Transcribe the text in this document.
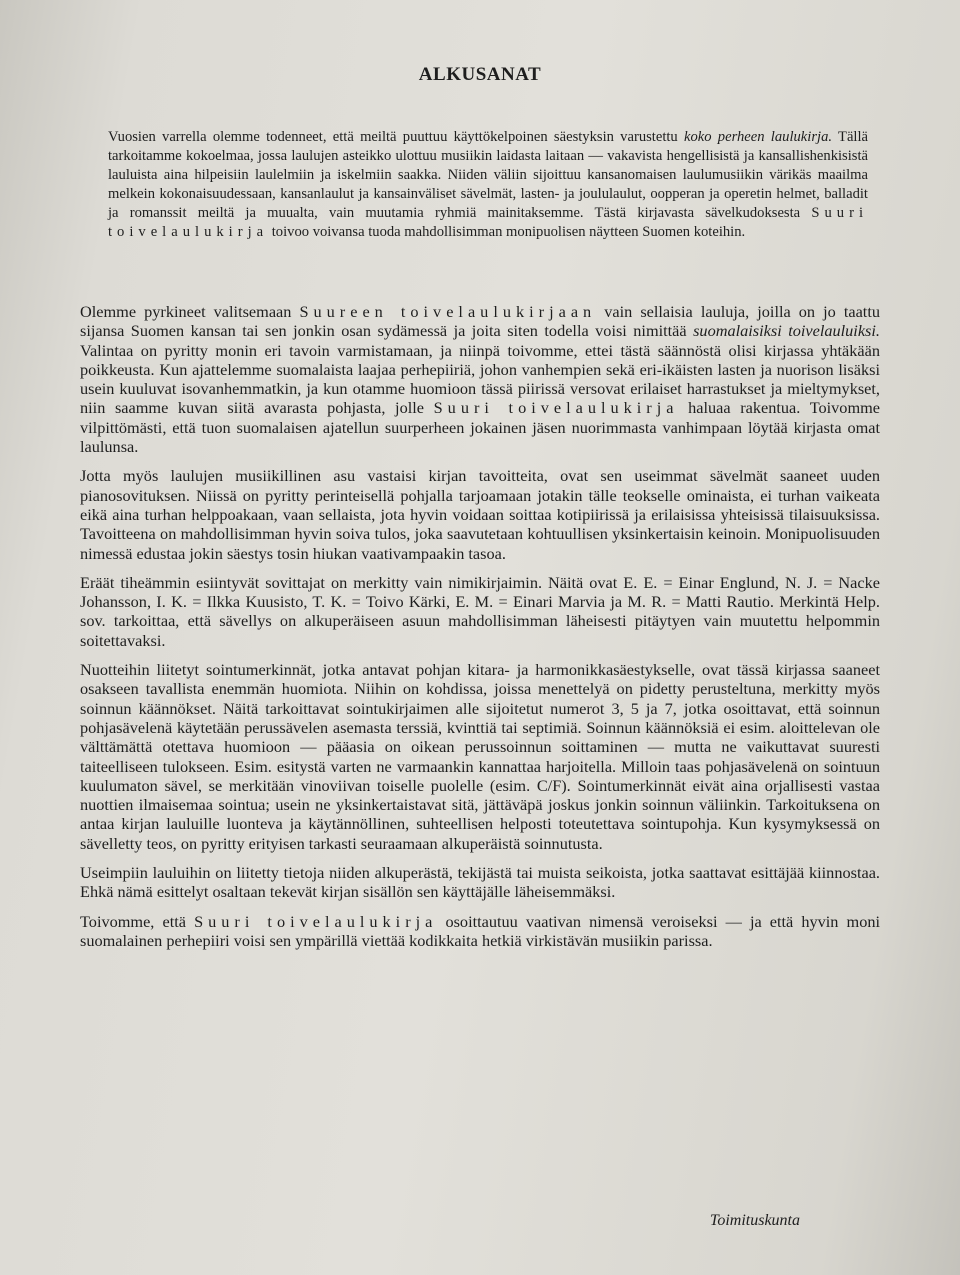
ALKUSANAT

Vuosien varrella olemme todenneet, että meiltä puuttuu käyttökelpoinen säestyksin varustettu koko perheen laulukirja. Tällä tarkoitamme kokoelmaa, jossa laulujen asteikko ulottuu musiikin laidasta laitaan — vakavista hengellisistä ja kansallishenkisistä lauluista aina hilpeisiin laulelmiin ja iskelmiin saakka. Niiden väliin sijoittuu kansanomaisen laulumusiikin värikäs maailma melkein kokonaisuudessaan, kansanlaulut ja kansainväliset sävelmät, lasten- ja joululaulut, oopperan ja operetin helmet, balladit ja romanssit meiltä ja muualta, vain muutamia ryhmiä mainitaksemme. Tästä kirjavasta sävelkudoksesta Suuri toivelaulukirja toivoo voivansa tuoda mahdollisimman monipuolisen näytteen Suomen koteihin.

Olemme pyrkineet valitsemaan Suureen toivelaulukirjaan vain sellaisia lauluja, joilla on jo taattu sijansa Suomen kansan tai sen jonkin osan sydämessä ja joita siten todella voisi nimittää suomalaisiksi toivelauluiksi. Valintaa on pyritty monin eri tavoin varmistamaan, ja niinpä toivomme, ettei tästä säännöstä olisi kirjassa yhtäkään poikkeusta. Kun ajattelemme suomalaista laajaa perhepiiriä, johon vanhempien sekä eri-ikäisten lasten ja nuorison lisäksi usein kuuluvat isovanhemmatkin, ja kun otamme huomioon tässä piirissä versovat erilaiset harrastukset ja mieltymykset, niin saamme kuvan siitä avarasta pohjasta, jolle Suuri toivelaulukirja haluaa rakentua. Toivomme vilpittömästi, että tuon suomalaisen ajatellun suurperheen jokainen jäsen nuorimmasta vanhimpaan löytää kirjasta omat laulunsa.

Jotta myös laulujen musiikillinen asu vastaisi kirjan tavoitteita, ovat sen useimmat sävelmät saaneet uuden pianosovituksen. Niissä on pyritty perinteisellä pohjalla tarjoamaan jotakin tälle teokselle ominaista, ei turhan vaikeata eikä aina turhan helppoakaan, vaan sellaista, jota hyvin voidaan soittaa kotipiirissä ja erilaisissa yhteisissä tilaisuuksissa. Tavoitteena on mahdollisimman hyvin soiva tulos, joka saavutetaan kohtuullisen yksinkertaisin keinoin. Monipuolisuuden nimessä edustaa jokin säestys tosin hiukan vaativampaakin tasoa.

Eräät tiheämmin esiintyvät sovittajat on merkitty vain nimikirjaimin. Näitä ovat E. E. = Einar Englund, N. J. = Nacke Johansson, I. K. = Ilkka Kuusisto, T. K. = Toivo Kärki, E. M. = Einari Marvia ja M. R. = Matti Rautio. Merkintä Help. sov. tarkoittaa, että sävellys on alkuperäiseen asuun mahdollisimman läheisesti pitäytyen vain muutettu helpommin soitettavaksi.

Nuotteihin liitetyt sointumerkinnät, jotka antavat pohjan kitara- ja harmonikkasäestykselle, ovat tässä kirjassa saaneet osakseen tavallista enemmän huomiota. Niihin on kohdissa, joissa menettelyä on pidetty perusteltuna, merkitty myös soinnun käännökset. Näitä tarkoittavat sointukirjaimen alle sijoitetut numerot 3, 5 ja 7, jotka osoittavat, että soinnun pohjasävelenä käytetään perussävelen asemasta terssiä, kvinttiä tai septimiä. Soinnun käännöksiä ei esim. aloittelevan ole välttämättä otettava huomioon — pääasia on oikean perussoinnun soittaminen — mutta ne vaikuttavat suuresti taiteelliseen tulokseen. Esim. esitystä varten ne varmaankin kannattaa harjoitella. Milloin taas pohjasävelenä on sointuun kuulumaton sävel, se merkitään vinoviivan toiselle puolelle (esim. C/F). Sointumerkinnät eivät aina orjallisesti vastaa nuottien ilmaisemaa sointua; usein ne yksinkertaistavat sitä, jättäväpä joskus jonkin soinnun väliinkin. Tarkoituksena on antaa kirjan lauluille luonteva ja käytännöllinen, suhteellisen helposti toteutettava sointupohja. Kun kysymyksessä on sävelletty teos, on pyritty erityisen tarkasti seuraamaan alkuperäistä soinnutusta.

Useimpiin lauluihin on liitetty tietoja niiden alkuperästä, tekijästä tai muista seikoista, jotka saattavat esittäjää kiinnostaa. Ehkä nämä esittelyt osaltaan tekevät kirjan sisällön sen käyttäjälle läheisemmäksi.

Toivomme, että Suuri toivelaulukirja osoittautuu vaativan nimensä veroiseksi — ja että hyvin moni suomalainen perhepiiri voisi sen ympärillä viettää kodikkaita hetkiä virkistävän musiikin parissa.

Toimituskunta
